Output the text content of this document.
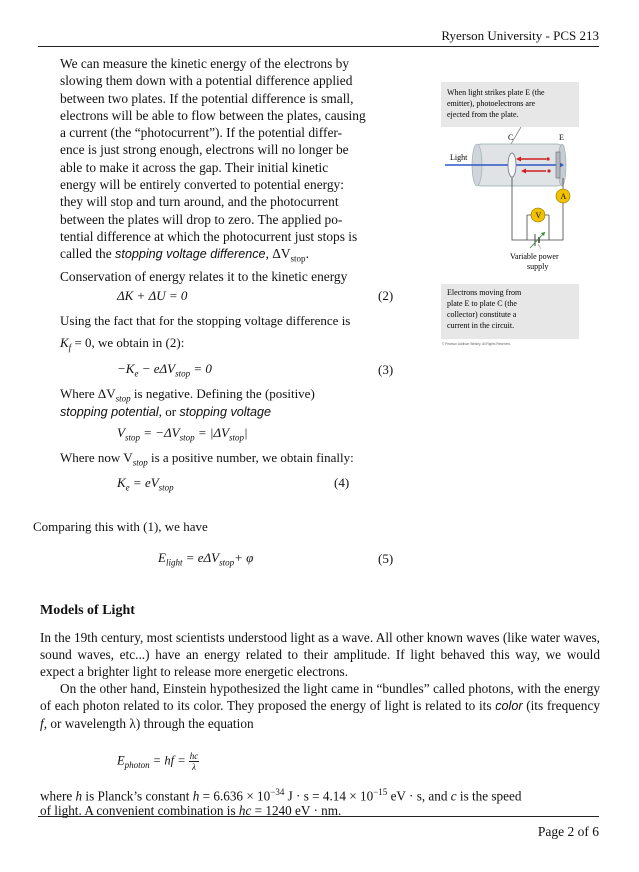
Ryerson University - PCS 213
We can measure the kinetic energy of the electrons by
slowing them down with a potential difference applied
between two plates. If the potential difference is small,
electrons will be able to flow between the plates, causing
a current (the “photocurrent”). If the potential differ-
ence is just strong enough, electrons will no longer be
able to make it across the gap. Their initial kinetic
energy will be entirely converted to potential energy:
they will stop and turn around, and the photocurrent
between the plates will drop to zero. The applied po-
tential difference at which the photocurrent just stops is
called the stopping voltage difference, $\Delta V_{stop}$.
Conservation of energy relates it to the kinetic energy
ΔK + ΔU = 0	(2)
Using the fact that for the stopping voltage difference is
$K_f = 0$, we obtain in (2):
$-K_e - e\Delta V_{stop} = 0$	(3)
Where $\Delta V_{stop}$ is negative. Defining the (positive)
stopping potential, or stopping voltage
$V_{stop} = -\Delta V_{stop} = |\Delta V_{stop}|$
Where now $V_{stop}$ is a positive number, we obtain finally:
$K_e = eV_{stop}$	(4)
Comparing this with (1), we have
$E_{light} = e\Delta V_{stop}+ \varphi$	(5)
When light strikes plate E (the
emitter), photoelectrons are
ejected from the plate.
C	E
Light
A
V
Variable power
supply
Electrons moving from
plate E to plate C (the
collector) constitute a
current in the circuit.
© Pearson Addison Wesley. All Rights Reserved.
Models of Light

In the 19th century, most scientists understood light as a wave. All other known waves (like water waves, sound waves, etc...) have an energy related to their amplitude. If light behaved this way, we would expect a brighter light to release more energetic electrons.

On the other hand, Einstein hypothesized the light came in “bundles” called photons, with the energy of each photon related to its color. They proposed the energy of light is related to its color (its frequency f, or wavelength λ) through the equation

$E_{photon}$ = hf = $\frac{hc}{\lambda}$
where h is Planck’s constant $h = 6.636 \times 10^{-34}$ $J \cdot s = 4.14 \times 10^{-15}$ eV · s, and c is the speed
of light. A convenient combination is hc = 1240 eV · nm.
Page 2 of 6
